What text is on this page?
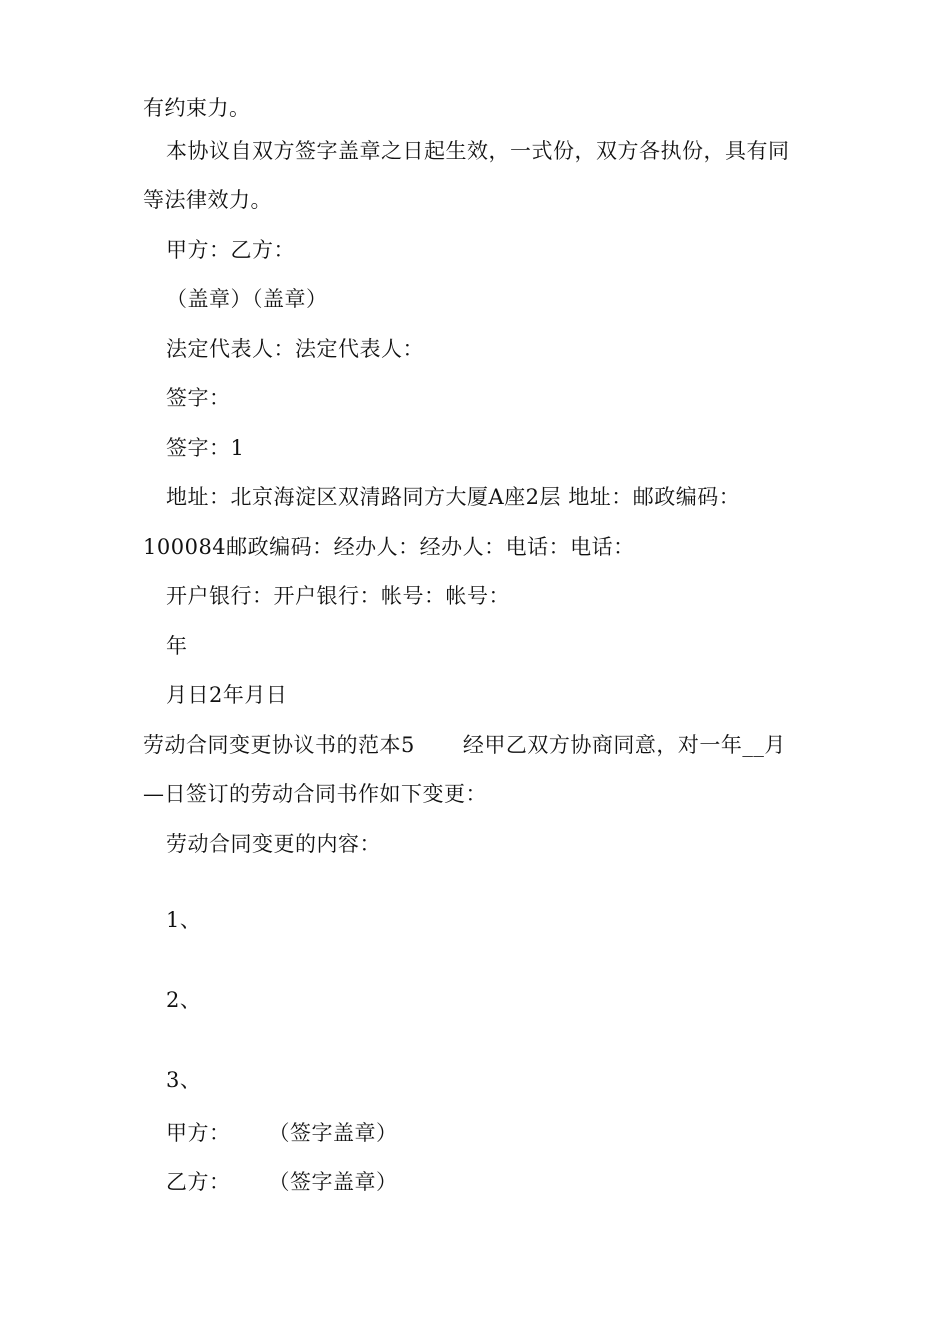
有约束力。
本协议自双方签字盖章之日起生效，一式份，双方各执份，具有同
等法律效力。
甲方：乙方：
（盖章）（盖章）
法定代表人：法定代表人：
签字：
签字：1
地址：北京海淀区双清路同方大厦A座2层 地址：邮政编码：
100084邮政编码：经办人：经办人：电话：电话：
开户银行：开户银行：帐号：帐号：
年
月日2年月日
劳动合同变更协议书的范本5 经甲乙双方协商同意，对一年__月
—日签订的劳动合同书作如下变更：
劳动合同变更的内容：
1、
2、
3、
甲方： （签字盖章）
乙方： （签字盖章）
